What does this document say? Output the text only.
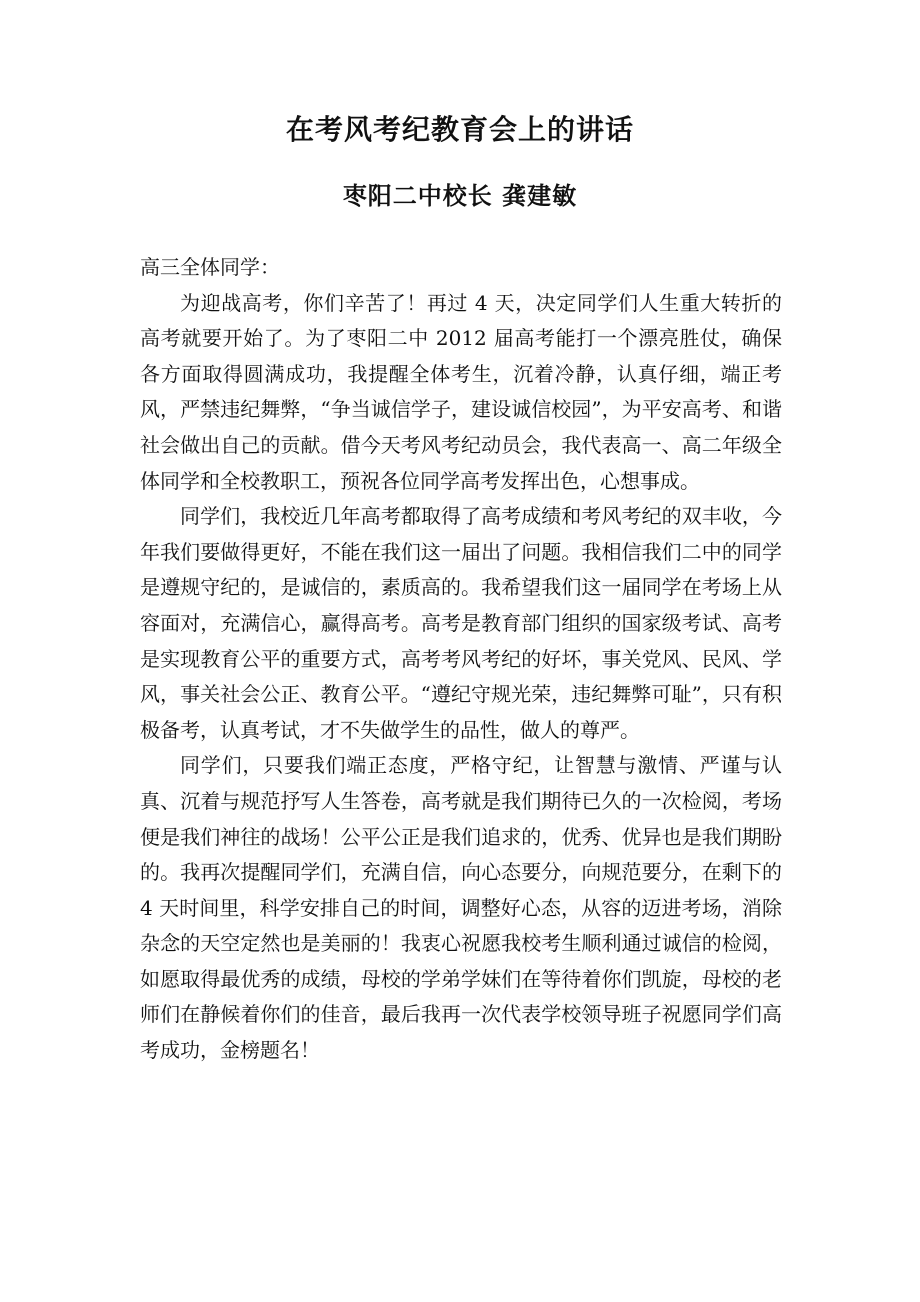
在考风考纪教育会上的讲话
枣阳二中校长 龚建敏

高三全体同学：

为迎战高考，你们辛苦了！再过 4 天，决定同学们人生重大转折的高考就要开始了。为了枣阳二中 2012 届高考能打一个漂亮胜仗，确保各方面取得圆满成功，我提醒全体考生，沉着冷静，认真仔细，端正考风，严禁违纪舞弊，“争当诚信学子，建设诚信校园”，为平安高考、和谐社会做出自己的贡献。借今天考风考纪动员会，我代表高一、高二年级全体同学和全校教职工，预祝各位同学高考发挥出色，心想事成。

同学们，我校近几年高考都取得了高考成绩和考风考纪的双丰收，今年我们要做得更好，不能在我们这一届出了问题。我相信我们二中的同学是遵规守纪的，是诚信的，素质高的。我希望我们这一届同学在考场上从容面对，充满信心，赢得高考。高考是教育部门组织的国家级考试、高考是实现教育公平的重要方式，高考考风考纪的好坏，事关党风、民风、学风，事关社会公正、教育公平。“遵纪守规光荣，违纪舞弊可耻”，只有积极备考，认真考试，才不失做学生的品性，做人的尊严。

同学们，只要我们端正态度，严格守纪，让智慧与激情、严谨与认真、沉着与规范抒写人生答卷，高考就是我们期待已久的一次检阅，考场便是我们神往的战场！公平公正是我们追求的，优秀、优异也是我们期盼的。我再次提醒同学们，充满自信，向心态要分，向规范要分，在剩下的 4 天时间里，科学安排自己的时间，调整好心态，从容的迈进考场，消除杂念的天空定然也是美丽的！我衷心祝愿我校考生顺利通过诚信的检阅，如愿取得最优秀的成绩，母校的学弟学妹们在等待着你们凯旋，母校的老师们在静候着你们的佳音，最后我再一次代表学校领导班子祝愿同学们高考成功，金榜题名！
